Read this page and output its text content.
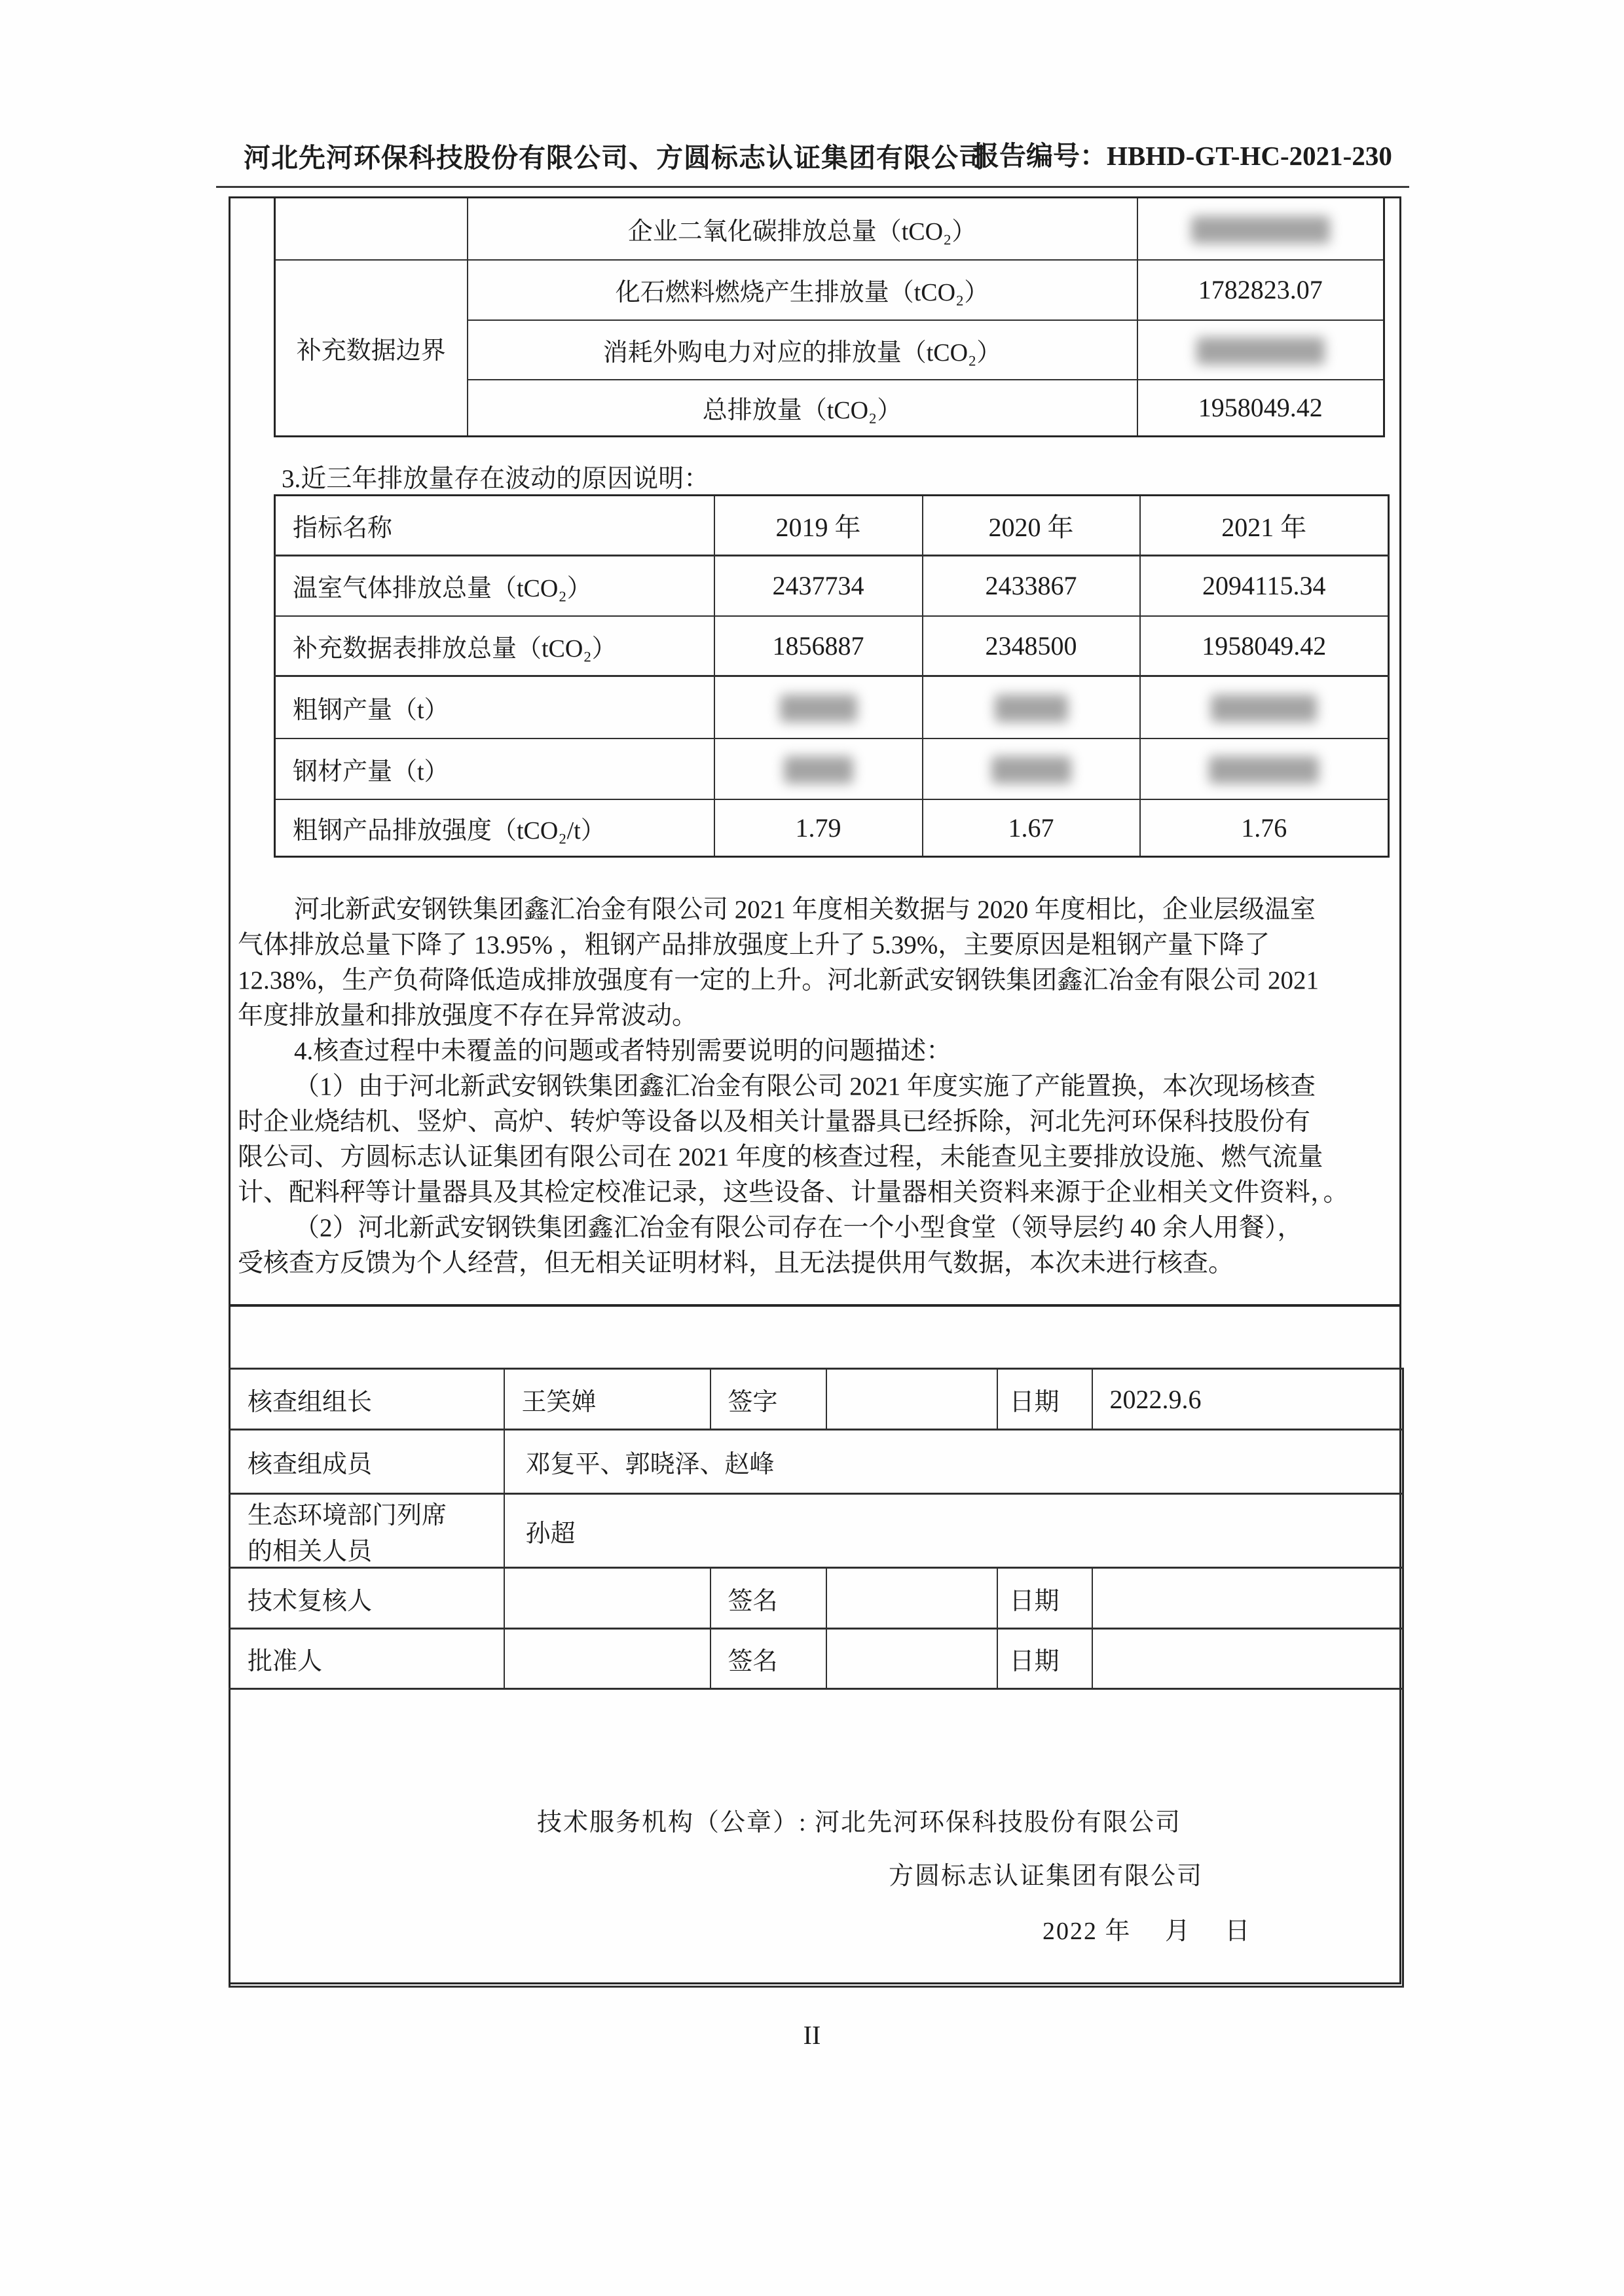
河北先河环保科技股份有限公司、方圆标志认证集团有限公司
报告编号：HBHD-GT-HC-2021-230
	企业二氧化碳排放总量（tCO₂）	
补充数据边界	化石燃料燃烧产生排放量（tCO₂）	1782823.07
	消耗外购电力对应的排放量（tCO₂）	
	总排放量（tCO₂）	1958049.42
3.近三年排放量存在波动的原因说明：
指标名称	2019 年	2020 年	2021 年
温室气体排放总量（tCO₂）	2437734	2433867	2094115.34
补充数据表排放总量（tCO₂）	1856887	2348500	1958049.42
粗钢产量（t）			
钢材产量（t）			
粗钢产品排放强度（tCO₂/t）	1.79	1.67	1.76
河北新武安钢铁集团鑫汇冶金有限公司 2021 年度相关数据与 2020 年度相比，企业层级温室
气体排放总量下降了 13.95% ，粗钢产品排放强度上升了 5.39%，主要原因是粗钢产量下降了
12.38%，生产负荷降低造成排放强度有一定的上升。河北新武安钢铁集团鑫汇冶金有限公司 2021
年度排放量和排放强度不存在异常波动。
4.核查过程中未覆盖的问题或者特别需要说明的问题描述：
（1）由于河北新武安钢铁集团鑫汇冶金有限公司 2021 年度实施了产能置换，本次现场核查
时企业烧结机、竖炉、高炉、转炉等设备以及相关计量器具已经拆除，河北先河环保科技股份有
限公司、方圆标志认证集团有限公司在 2021 年度的核查过程，未能查见主要排放设施、燃气流量
计、配料秤等计量器具及其检定校准记录，这些设备、计量器相关资料来源于企业相关文件资料，。
（2）河北新武安钢铁集团鑫汇冶金有限公司存在一个小型食堂（领导层约 40 余人用餐），
受核查方反馈为个人经营，但无相关证明材料，且无法提供用气数据，本次未进行核查。
核查组组长	王笑婵	签字		日期	2022.9.6
核查组成员	邓复平、郭晓泽、赵峰				

生态环境部门列席
的相关人员	孙超				
技术复核人		签名		日期	
批准人		签名		日期	

技术服务机构（公章）: 河北先河环保科技股份有限公司
方圆标志认证集团有限公司
2022 年　 月　 日
II
